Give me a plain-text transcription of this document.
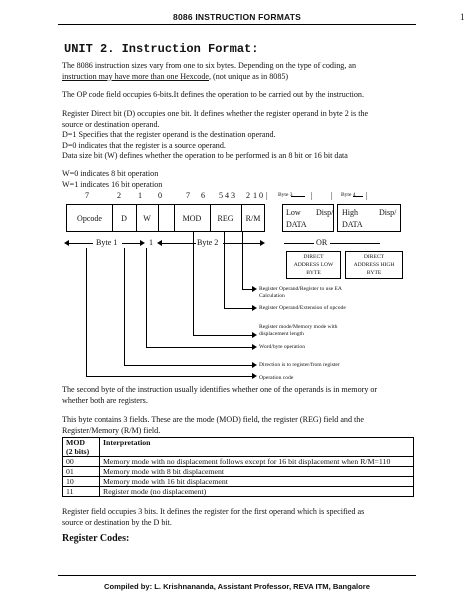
8086 INSTRUCTION FORMATS	1
UNIT 2. Instruction Format:
The 8086 instruction sizes vary from one to six bytes. Depending on the type of coding, an
instruction may have more than one Hexcode, (not unique as in 8085)
The OP code field occupies 6-bits.It defines the operation to be carried out by the instruction.
Register Direct bit (D) occupies one bit. It defines whether the register operand in byte 2 is the
source or destination operand.
D=1 Specifies that the register operand is the destination operand.
D=0 indicates that the register is a source operand.
Data size bit (W) defines whether the operation to be performed is an 8 bit or 16 bit data
W=0 indicates 8 bit operation
W=1 indicates 16 bit operation
7	2 1 0	7 6 5 4 3 2 1 0 | Byte 3 | | Byte 4 |
Opcode	D	W	MOD	REG	R/M
Low Disp/
DATA
High	Disp/
DATA
Byte 1	1	Byte 2	OR
DIRECT
ADDRESS LOW
BYTE
DIRECT
ADDRESS HIGH
BYTE
Register Operand/Register to use EA
Calculation
Register Operand/Extension of opcode
Register mode/Memory mode with
displacement length
Word/byte operation
Direction is to register/from register
Operation code
The second byte of the instruction usually identifies whether one of the operands is in memory or
whether both are registers.
This byte contains 3 fields. These are the mode (MOD) field, the register (REG) field and the
Register/Memory (R/M) field.
MOD
(2 bits)	Interpretation
00	Memory mode with no displacement follows except for 16 bit displacement when R/M=110
01	Memory mode with 8 bit displacement
10	Memory mode with 16 bit displacement
11	Register mode (no displacement)
Register field occupies 3 bits. It defines the register for the first operand which is specified as
source or destination by the D bit.
Register Codes:
Compiled by: L. Krishnananda, Assistant Professor, REVA ITM, Bangalore
